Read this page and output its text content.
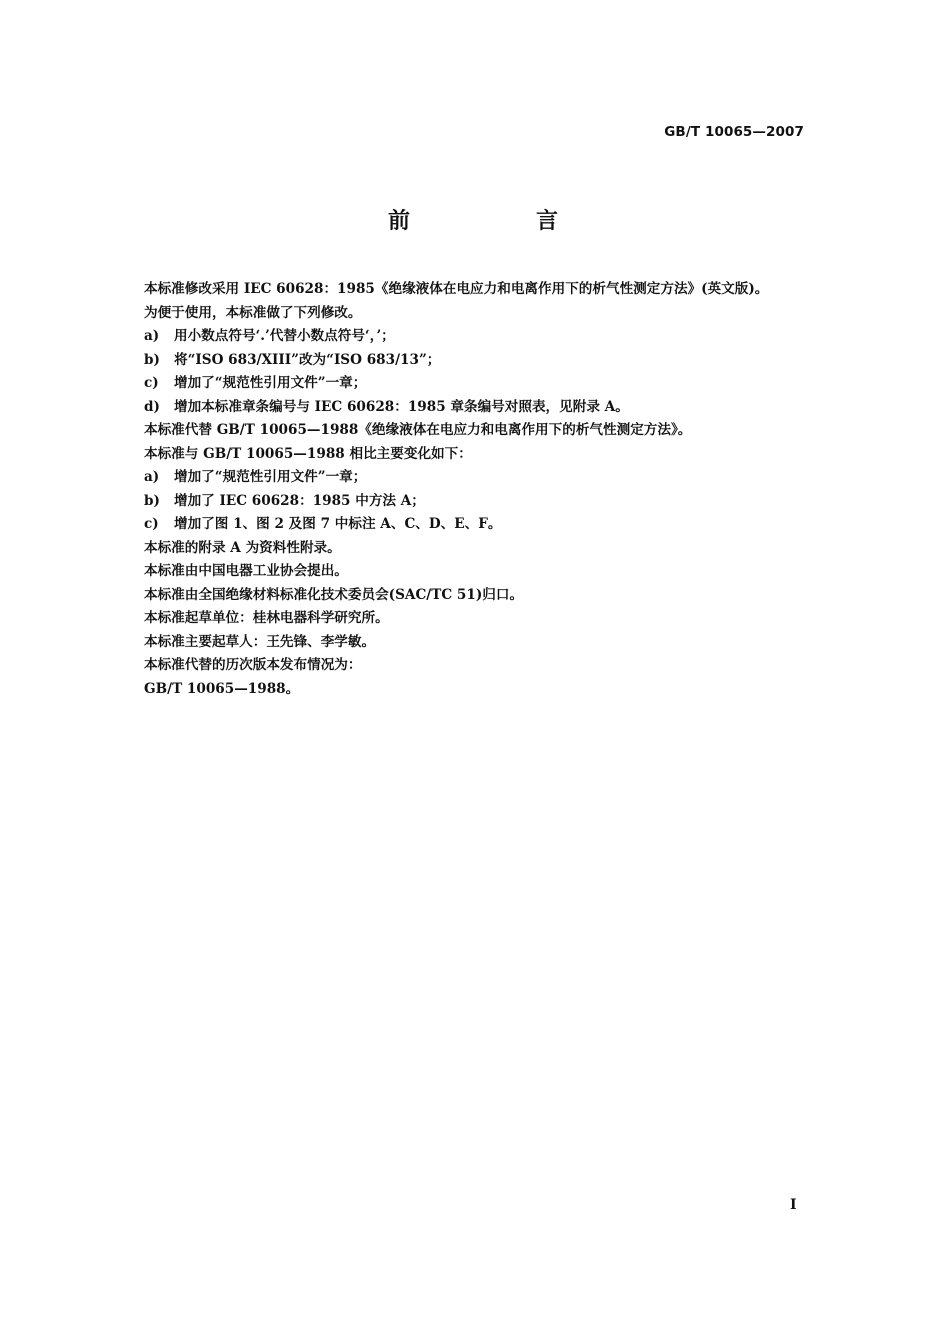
GB/T 10065—2007
前　言
本标准修改采用 IEC 60628：1985《绝缘液体在电应力和电离作用下的析气性测定方法》(英文版)。
为便于使用，本标准做了下列修改。
a)	用小数点符号‘.’代替小数点符号‘，’；
b)	将“ISO 683/XIII”改为“ISO 683/13”；
c)	增加了“规范性引用文件”一章；
d)	增加本标准章条编号与 IEC 60628：1985 章条编号对照表，见附录 A。
本标准代替 GB/T 10065—1988《绝缘液体在电应力和电离作用下的析气性测定方法》。
本标准与 GB/T 10065—1988 相比主要变化如下：
a)	增加了“规范性引用文件”一章；
b)	增加了 IEC 60628：1985 中方法 A；
c)	增加了图 1、图 2 及图 7 中标注 A、C、D、E、F。
本标准的附录 A 为资料性附录。
本标准由中国电器工业协会提出。
本标准由全国绝缘材料标准化技术委员会(SAC/TC 51)归口。
本标准起草单位：桂林电器科学研究所。
本标准主要起草人：王先锋、李学敏。
本标准代替的历次版本发布情况为：
GB/T 10065—1988。
I
